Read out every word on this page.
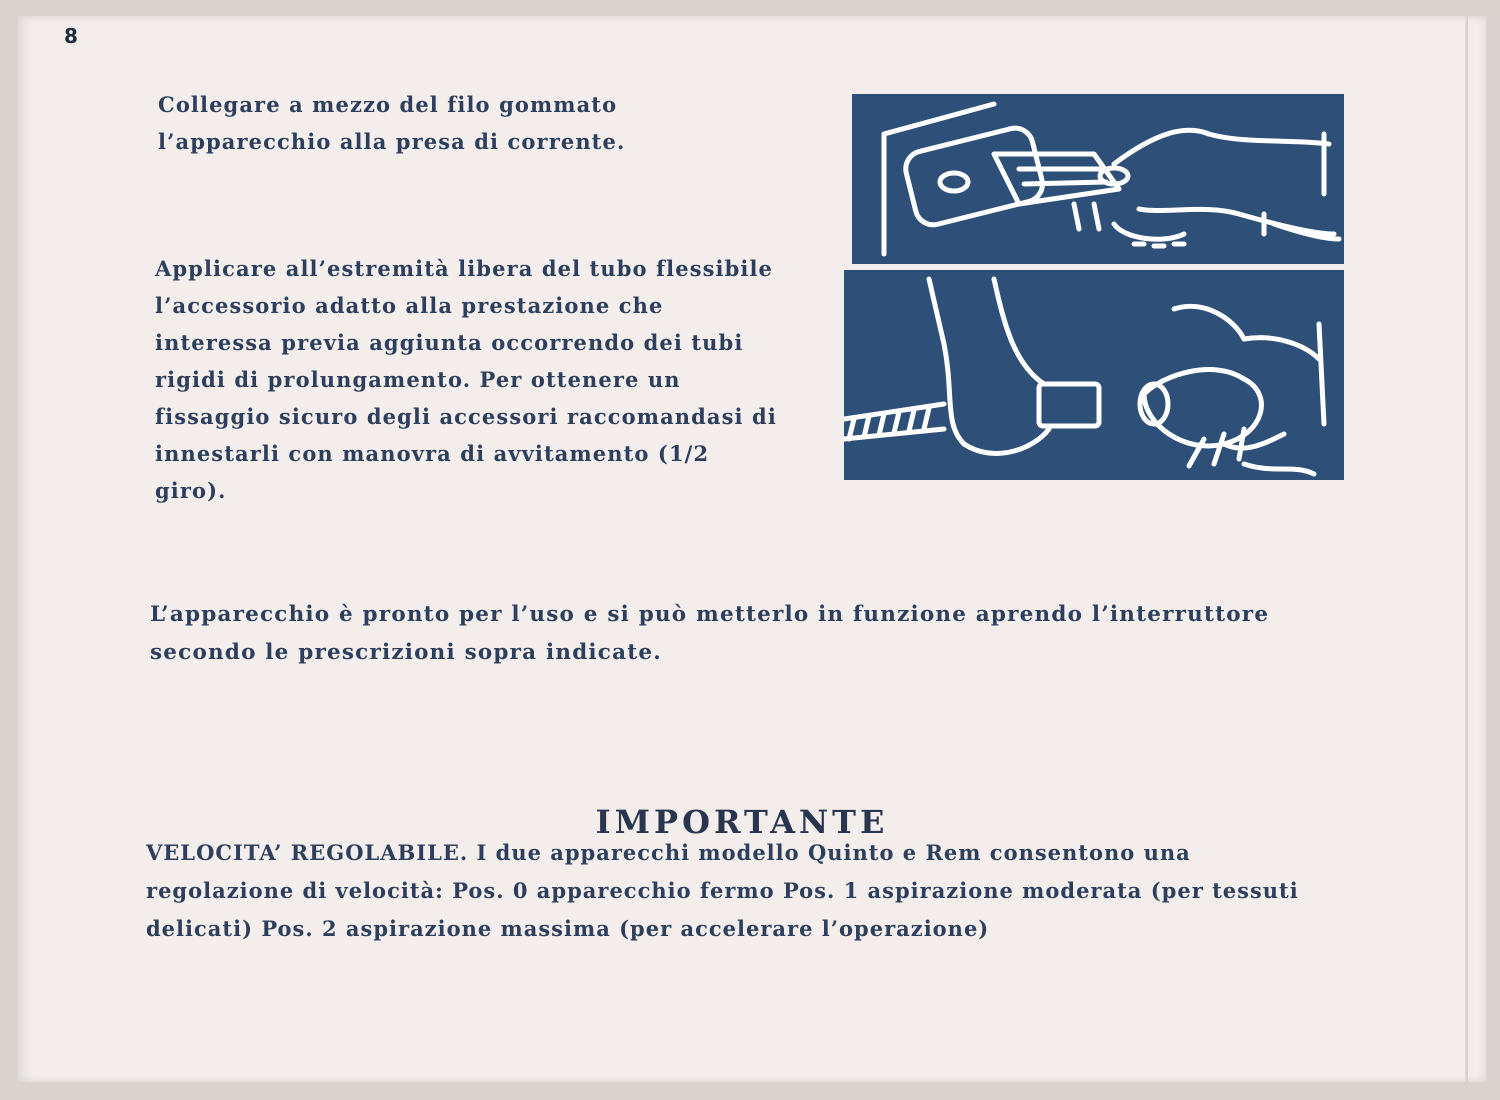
8

Collegare a mezzo del filo gommato l’apparecchio alla presa di corrente.

Applicare all’estremità libera del tubo flessibile l’accessorio adatto alla prestazione che interessa previa aggiunta occorrendo dei tubi rigidi di prolungamento. Per ottenere un fissaggio sicuro degli accessori raccomandasi di innestarli con manovra di avvitamento (1/2 giro).

L’apparecchio è pronto per l’uso e si può metterlo in funzione aprendo l’interruttore secondo le prescrizioni sopra indicate.

IMPORTANTE

VELOCITA’ REGOLABILE. I due apparecchi modello Quinto e Rem consentono una regolazione di velocità: Pos. 0 apparecchio fermo Pos. 1 aspirazione moderata (per tessuti delicati) Pos. 2 aspirazione massima (per accelerare l’operazione)
